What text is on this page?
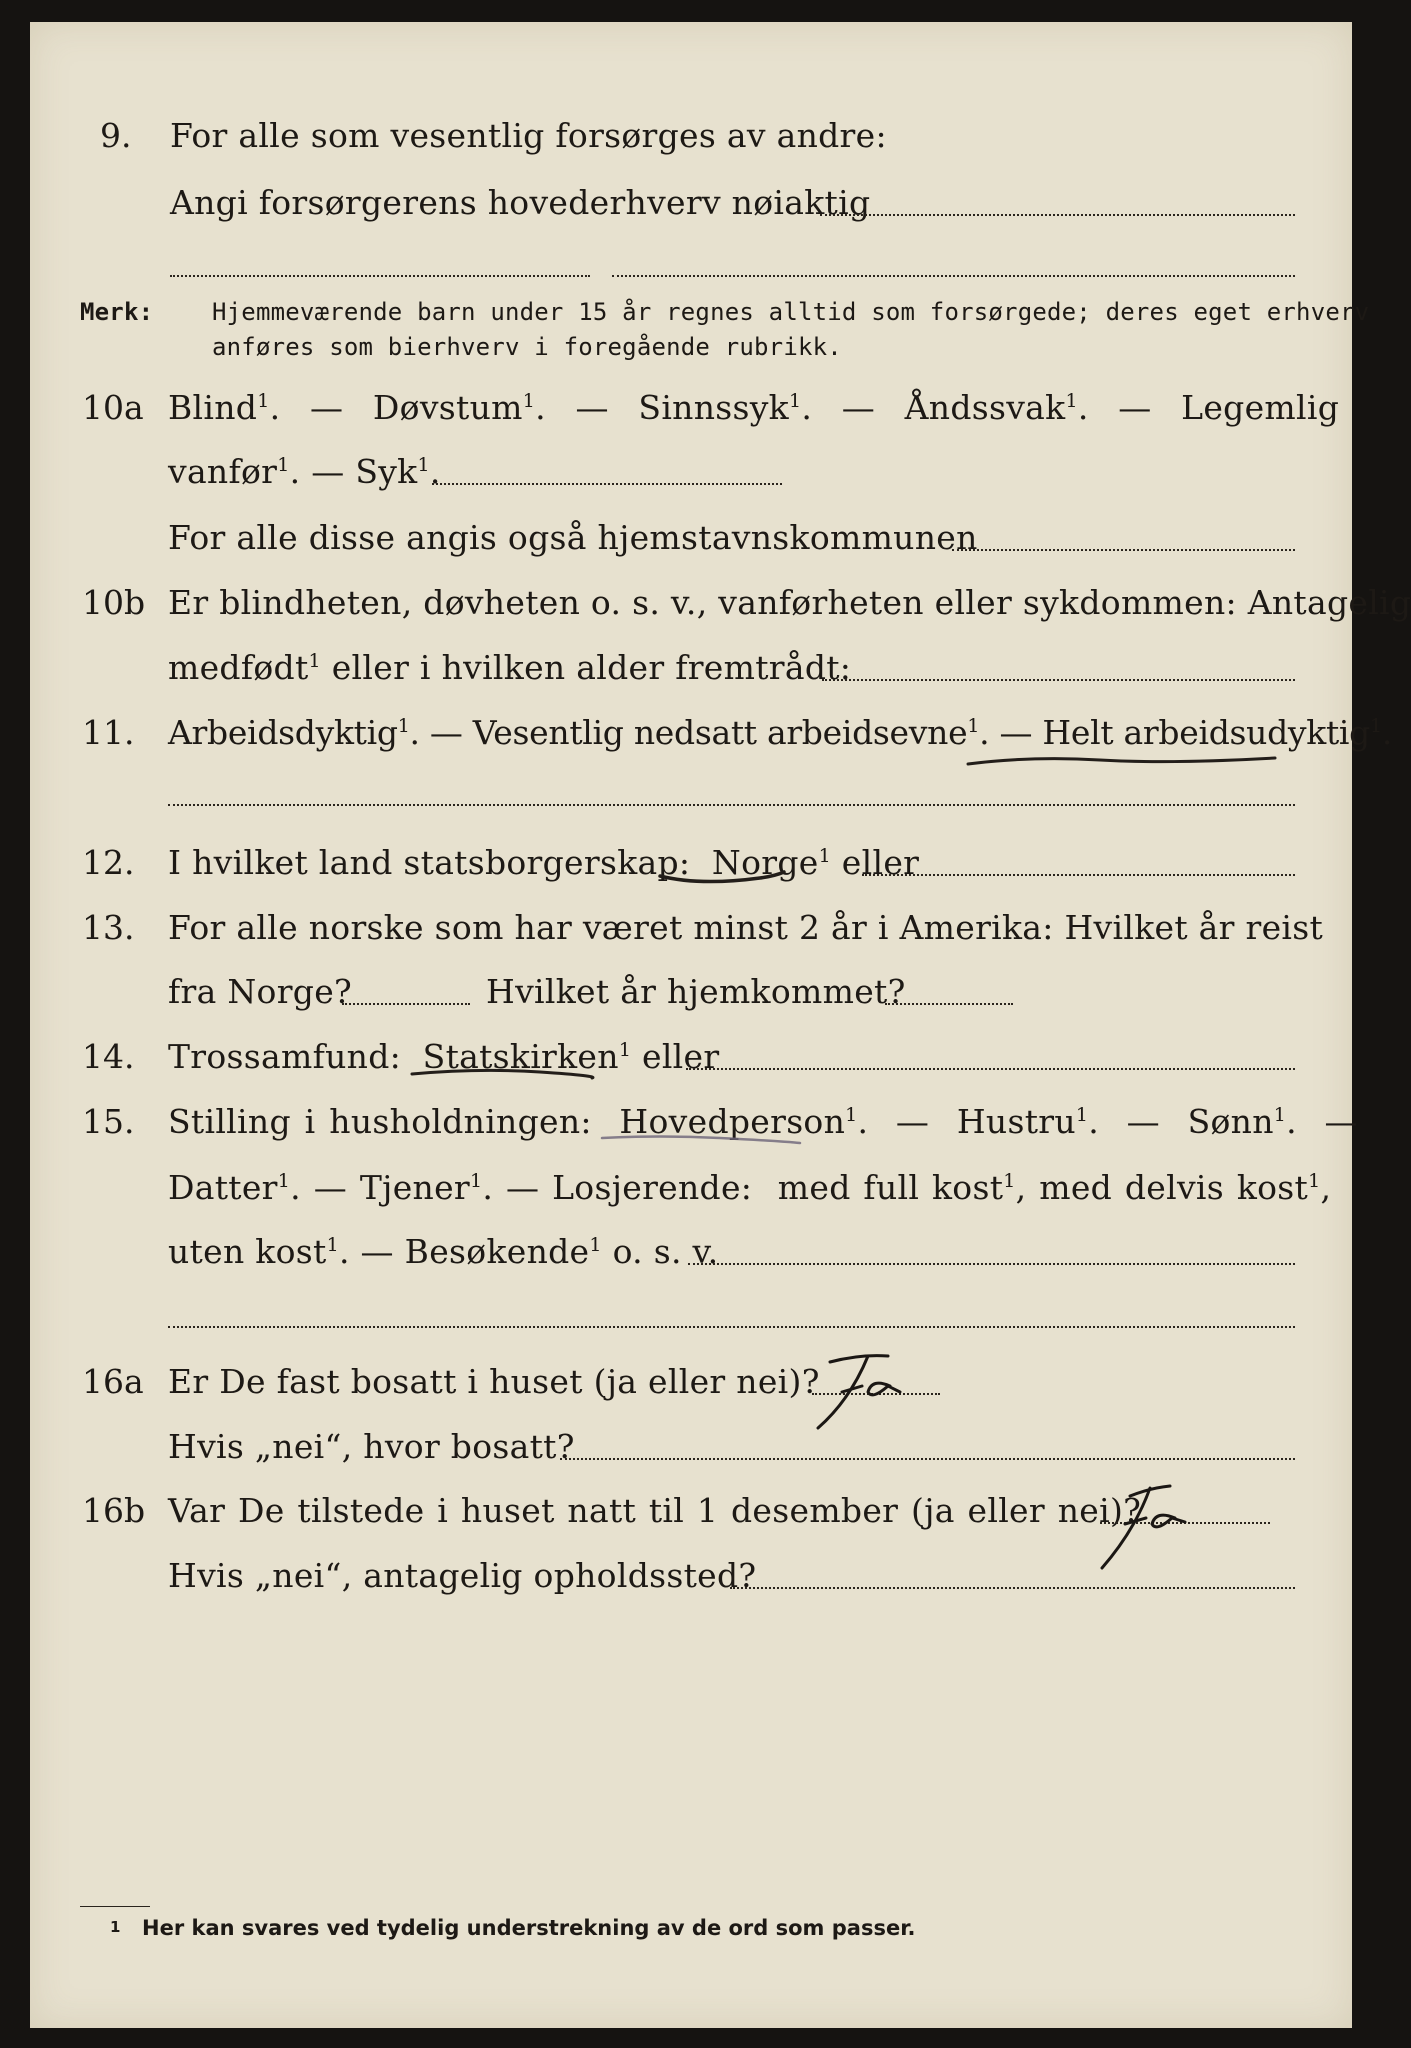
9. For alle som vesentlig forsørges av andre:
Angi forsørgerens hovederhverv nøiaktig
Merk: Hjemmeværende barn under 15 år regnes alltid som forsørgede; deres eget erhverv
anføres som bierhverv i foregående rubrikk.
10a Blind$^1$.  — Døvstum$^1$.  — Sinnssyk$^1$.  — Åndssvak$^1$.  — Legemlig
vanfør$^1$. — Syk$^1$.
For alle disse angis også hjemstavnskommunen
10b Er blindheten, døvheten o. s. v., vanførheten eller sykdommen: Antagelig
medfødt$^1$ eller i hvilken alder fremtrådt:
11. Arbeidsdyktig$^1$. — Vesentlig nedsatt arbeidsevne$^1$. — Helt arbeidsudyktig$^1$.
12. I hvilket land statsborgerskap: Norge$^1$ eller
13. For alle norske som har været minst 2 år i Amerika: Hvilket år reist
fra Norge?	Hvilket år hjemkommet?
14. Trossamfund: Statskirken$^1$ eller
15. Stilling i husholdningen: Hovedperson$^1$.  — Hustru$^1$.  — Sønn$^1$.  —
Datter$^1$. — Tjener$^1$. — Losjerende: med full kost$^1$, med delvis kost$^1$,
uten kost$^1$. — Besøkende$^1$ o. s. v.
16a Er De fast bosatt i huset (ja eller nei)?
Hvis „nei“, hvor bosatt?
16b Var De tilstede i huset natt til 1 desember (ja eller nei)?
Hvis „nei“, antagelig opholdssted?
1 Her kan svares ved tydelig understrekning av de ord som passer.
